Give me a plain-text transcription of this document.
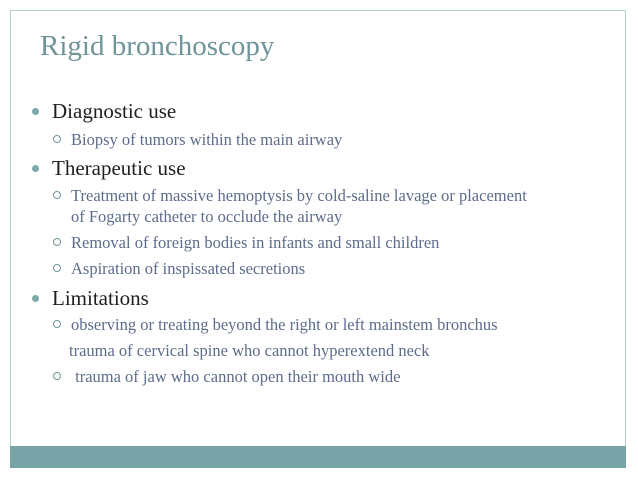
Rigid bronchoscopy
Diagnostic use
Biopsy of tumors within the main airway
Therapeutic use
Treatment of massive hemoptysis by cold-saline lavage or placement
of Fogarty catheter to occlude the airway
Removal of foreign bodies in infants and small children
Aspiration of inspissated secretions
Limitations
observing or treating beyond the right or left mainstem bronchus
trauma of cervical spine who cannot hyperextend neck
trauma of jaw who cannot open their mouth wide
